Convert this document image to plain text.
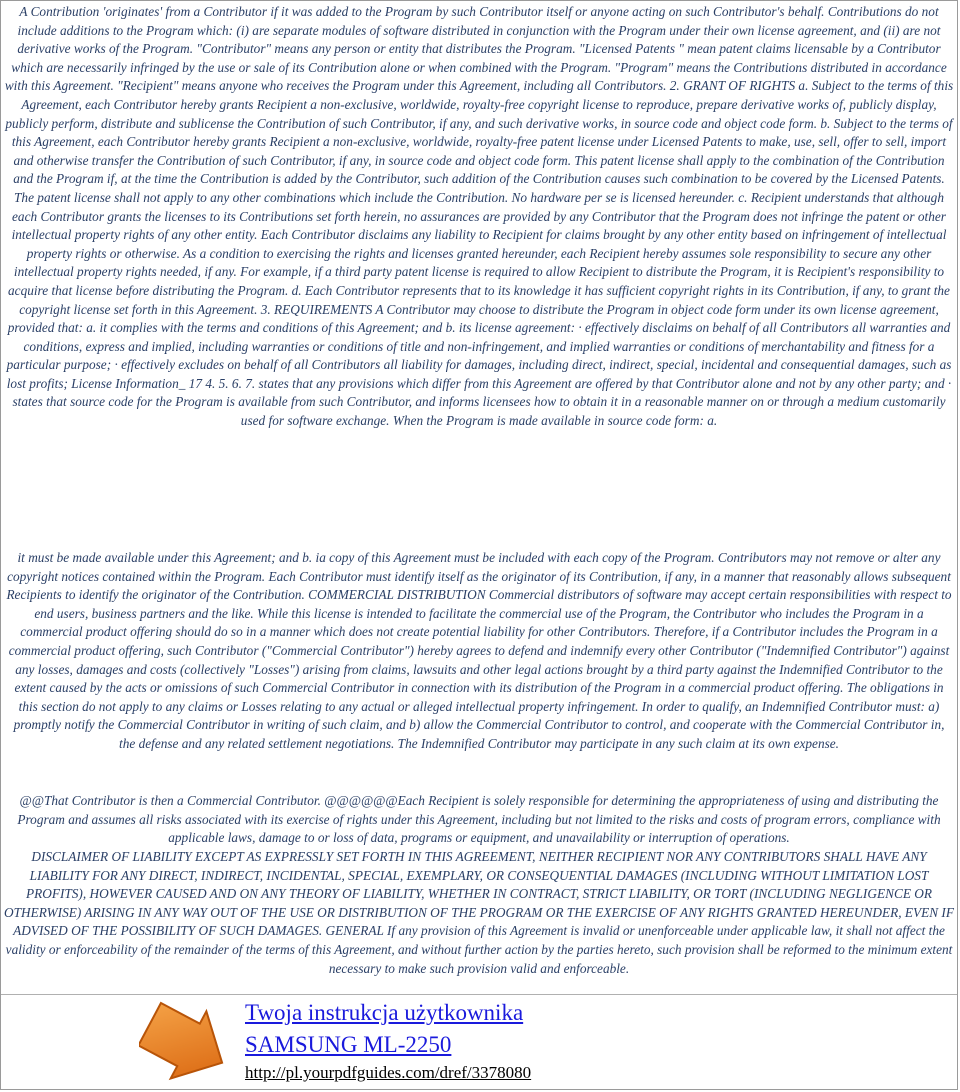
A Contribution 'originates' from a Contributor if it was added to the Program by such Contributor itself or anyone acting on such Contributor's behalf. Contributions do not include additions to the Program which: (i) are separate modules of software distributed in conjunction with the Program under their own license agreement, and (ii) are not derivative works of the Program. "Contributor" means any person or entity that distributes the Program. "Licensed Patents " mean patent claims licensable by a Contributor which are necessarily infringed by the use or sale of its Contribution alone or when combined with the Program. "Program" means the Contributions distributed in accordance with this Agreement. "Recipient" means anyone who receives the Program under this Agreement, including all Contributors. 2. GRANT OF RIGHTS a. Subject to the terms of this Agreement, each Contributor hereby grants Recipient a non-exclusive, worldwide, royalty-free copyright license to reproduce, prepare derivative works of, publicly display, publicly perform, distribute and sublicense the Contribution of such Contributor, if any, and such derivative works, in source code and object code form. b. Subject to the terms of this Agreement, each Contributor hereby grants Recipient a non-exclusive, worldwide, royalty-free patent license under Licensed Patents to make, use, sell, offer to sell, import and otherwise transfer the Contribution of such Contributor, if any, in source code and object code form. This patent license shall apply to the combination of the Contribution and the Program if, at the time the Contribution is added by the Contributor, such addition of the Contribution causes such combination to be covered by the Licensed Patents. The patent license shall not apply to any other combinations which include the Contribution. No hardware per se is licensed hereunder. c. Recipient understands that although each Contributor grants the licenses to its Contributions set forth herein, no assurances are provided by any Contributor that the Program does not infringe the patent or other intellectual property rights of any other entity. Each Contributor disclaims any liability to Recipient for claims brought by any other entity based on infringement of intellectual property rights or otherwise. As a condition to exercising the rights and licenses granted hereunder, each Recipient hereby assumes sole responsibility to secure any other intellectual property rights needed, if any. For example, if a third party patent license is required to allow Recipient to distribute the Program, it is Recipient's responsibility to acquire that license before distributing the Program. d. Each Contributor represents that to its knowledge it has sufficient copyright rights in its Contribution, if any, to grant the copyright license set forth in this Agreement. 3. REQUIREMENTS A Contributor may choose to distribute the Program in object code form under its own license agreement, provided that: a. it complies with the terms and conditions of this Agreement; and b. its license agreement: · effectively disclaims on behalf of all Contributors all warranties and conditions, express and implied, including warranties or conditions of title and non-infringement, and implied warranties or conditions of merchantability and fitness for a particular purpose; · effectively excludes on behalf of all Contributors all liability for damages, including direct, indirect, special, incidental and consequential damages, such as lost profits; License Information_ 17 4. 5. 6. 7. states that any provisions which differ from this Agreement are offered by that Contributor alone and not by any other party; and · states that source code for the Program is available from such Contributor, and informs licensees how to obtain it in a reasonable manner on or through a medium customarily used for software exchange. When the Program is made available in source code form: a.
it must be made available under this Agreement; and b. ia copy of this Agreement must be included with each copy of the Program. Contributors may not remove or alter any copyright notices contained within the Program. Each Contributor must identify itself as the originator of its Contribution, if any, in a manner that reasonably allows subsequent Recipients to identify the originator of the Contribution. COMMERCIAL DISTRIBUTION Commercial distributors of software may accept certain responsibilities with respect to end users, business partners and the like. While this license is intended to facilitate the commercial use of the Program, the Contributor who includes the Program in a commercial product offering should do so in a manner which does not create potential liability for other Contributors. Therefore, if a Contributor includes the Program in a commercial product offering, such Contributor ("Commercial Contributor") hereby agrees to defend and indemnify every other Contributor ("Indemnified Contributor") against any losses, damages and costs (collectively "Losses") arising from claims, lawsuits and other legal actions brought by a third party against the Indemnified Contributor to the extent caused by the acts or omissions of such Commercial Contributor in connection with its distribution of the Program in a commercial product offering. The obligations in this section do not apply to any claims or Losses relating to any actual or alleged intellectual property infringement. In order to qualify, an Indemnified Contributor must: a) promptly notify the Commercial Contributor in writing of such claim, and b) allow the Commercial Contributor to control, and cooperate with the Commercial Contributor in, the defense and any related settlement negotiations. The Indemnified Contributor may participate in any such claim at its own expense.
@@That Contributor is then a Commercial Contributor. @@@@@@Each Recipient is solely responsible for determining the appropriateness of using and distributing the Program and assumes all risks associated with its exercise of rights under this Agreement, including but not limited to the risks and costs of program errors, compliance with applicable laws, damage to or loss of data, programs or equipment, and unavailability or interruption of operations.
DISCLAIMER OF LIABILITY EXCEPT AS EXPRESSLY SET FORTH IN THIS AGREEMENT, NEITHER RECIPIENT NOR ANY CONTRIBUTORS SHALL HAVE ANY LIABILITY FOR ANY DIRECT, INDIRECT, INCIDENTAL, SPECIAL, EXEMPLARY, OR CONSEQUENTIAL DAMAGES (INCLUDING WITHOUT LIMITATION LOST PROFITS), HOWEVER CAUSED AND ON ANY THEORY OF LIABILITY, WHETHER IN CONTRACT, STRICT LIABILITY, OR TORT (INCLUDING NEGLIGENCE OR OTHERWISE) ARISING IN ANY WAY OUT OF THE USE OR DISTRIBUTION OF THE PROGRAM OR THE EXERCISE OF ANY RIGHTS GRANTED HEREUNDER, EVEN IF ADVISED OF THE POSSIBILITY OF SUCH DAMAGES. GENERAL If any provision of this Agreement is invalid or unenforceable under applicable law, it shall not affect the validity or enforceability of the remainder of the terms of this Agreement, and without further action by the parties hereto, such provision shall be reformed to the minimum extent necessary to make such provision valid and enforceable.
Twoja instrukcja użytkownika
SAMSUNG ML-2250
http://pl.yourpdfguides.com/dref/3378080
